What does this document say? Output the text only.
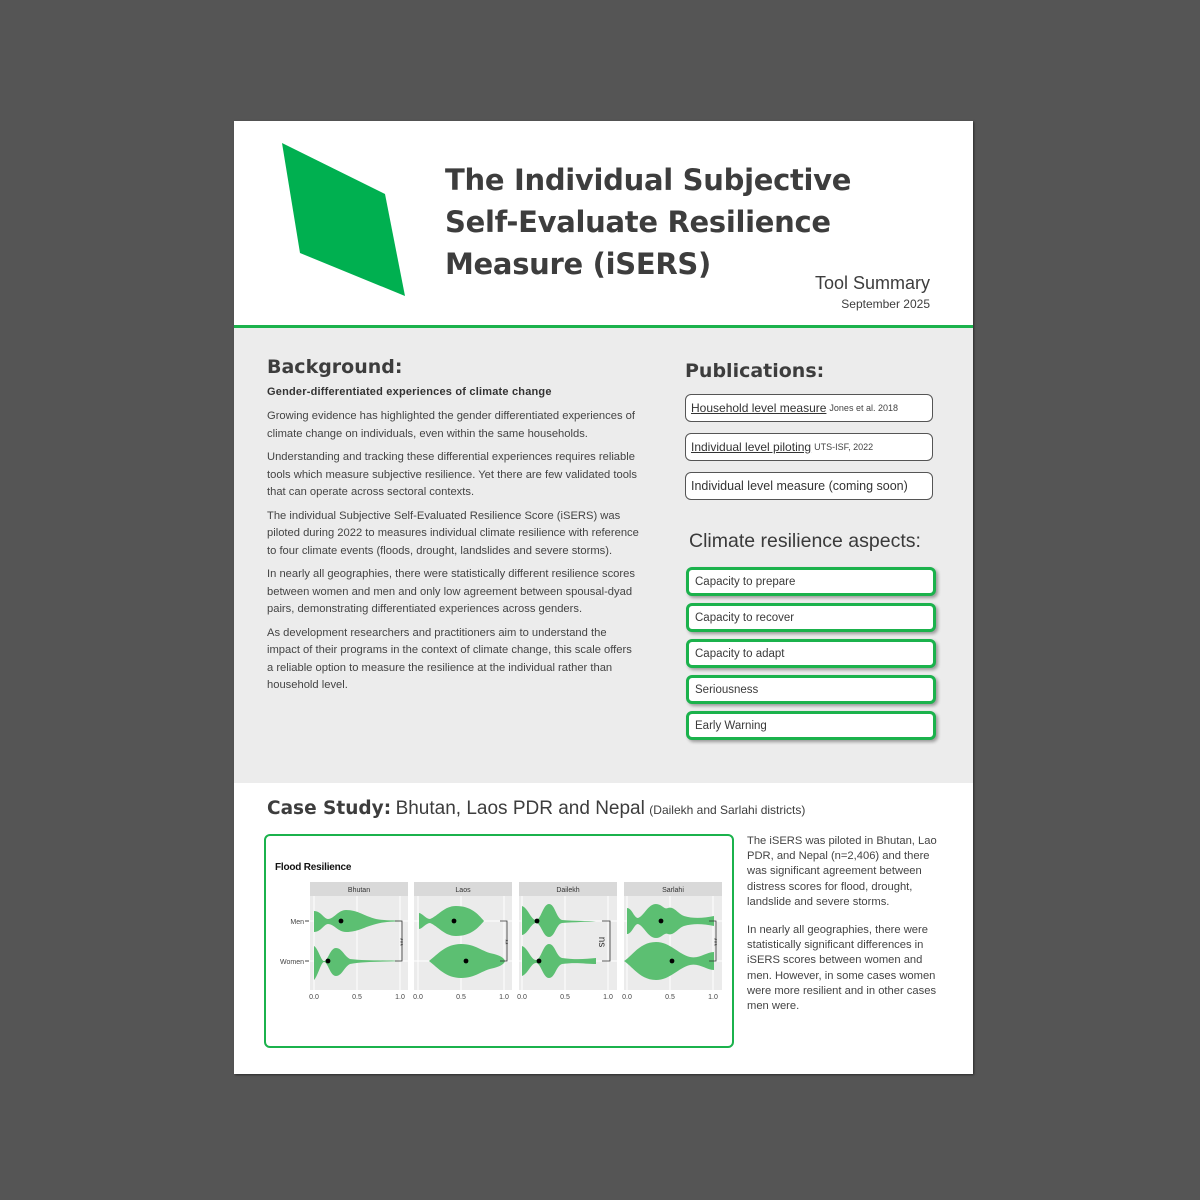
The Individual Subjective
Self-Evaluate Resilience
Measure (iSERS)
Tool Summary
September 2025
Background:
Gender-differentiated experiences of climate change

Growing evidence has highlighted the gender differentiated experiences of climate change on individuals, even within the same households.

Understanding and tracking these differential experiences requires reliable tools which measure subjective resilience. Yet there are few validated tools that can operate across sectoral contexts.

The individual Subjective Self-Evaluated Resilience Score (iSERS) was piloted during 2022 to measures individual climate resilience with reference to four climate events (floods, drought, landslides and severe storms).

In nearly all geographies, there were statistically different resilience scores between women and men and only low agreement between spousal-dyad pairs, demonstrating differentiated experiences across genders.

As development researchers and practitioners aim to understand the impact of their programs in the context of climate change, this scale offers a reliable option to measure the resilience at the individual rather than household level.

Publications:
Household level measure Jones et al. 2018
Individual level piloting UTS-ISF, 2022
Individual level measure (coming soon)
Climate resilience aspects:
Capacity to prepare
Capacity to recover
Capacity to adapt
Seriousness
Early Warning
Case Study: Bhutan, Laos PDR and Nepal (Dailekh and Sarlahi districts)
Flood Resilience
Bhutan
***
Laos
**
Dailekh
ns
Sarlahi
***
Men
Women
0.0	0.5	1.0 0.0	0.5	1.0 0.0	0.5	1.0 0.0	0.5	1.0

The iSERS was piloted in Bhutan, Lao PDR, and Nepal (n=2,406) and there was significant agreement between distress scores for flood, drought, landslide and severe storms.

In nearly all geographies, there were statistically significant differences in iSERS scores between women and men. However, in some cases women were more resilient and in other cases men were.
